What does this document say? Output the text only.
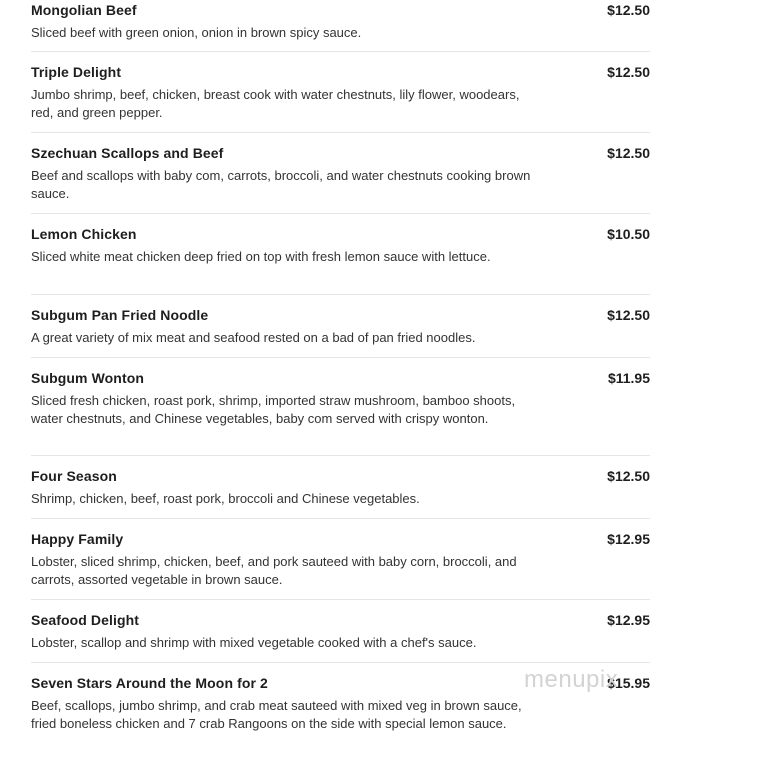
Mongolian Beef	$12.50
Sliced beef with green onion, onion in brown spicy sauce.
Triple Delight	$12.50
Jumbo shrimp, beef, chicken, breast cook with water chestnuts, lily flower, woodears, red, and green pepper.
Szechuan Scallops and Beef	$12.50
Beef and scallops with baby com, carrots, broccoli, and water chestnuts cooking brown sauce.
Lemon Chicken	$10.50
Sliced white meat chicken deep fried on top with fresh lemon sauce with lettuce.
Subgum Pan Fried Noodle	$12.50
A great variety of mix meat and seafood rested on a bad of pan fried noodles.
Subgum Wonton	$11.95
Sliced fresh chicken, roast pork, shrimp, imported straw mushroom, bamboo shoots, water chestnuts, and Chinese vegetables, baby com served with crispy wonton.
Four Season	$12.50
Shrimp, chicken, beef, roast pork, broccoli and Chinese vegetables.
Happy Family	$12.95
Lobster, sliced shrimp, chicken, beef, and pork sauteed with baby corn, broccoli, and carrots, assorted vegetable in brown sauce.
Seafood Delight	$12.95
Lobster, scallop and shrimp with mixed vegetable cooked with a chef's sauce.
Seven Stars Around the Moon for 2	$15.95
Beef, scallops, jumbo shrimp, and crab meat sauteed with mixed veg in brown sauce, fried boneless chicken and 7 crab Rangoons on the side with special lemon sauce.
menupix
